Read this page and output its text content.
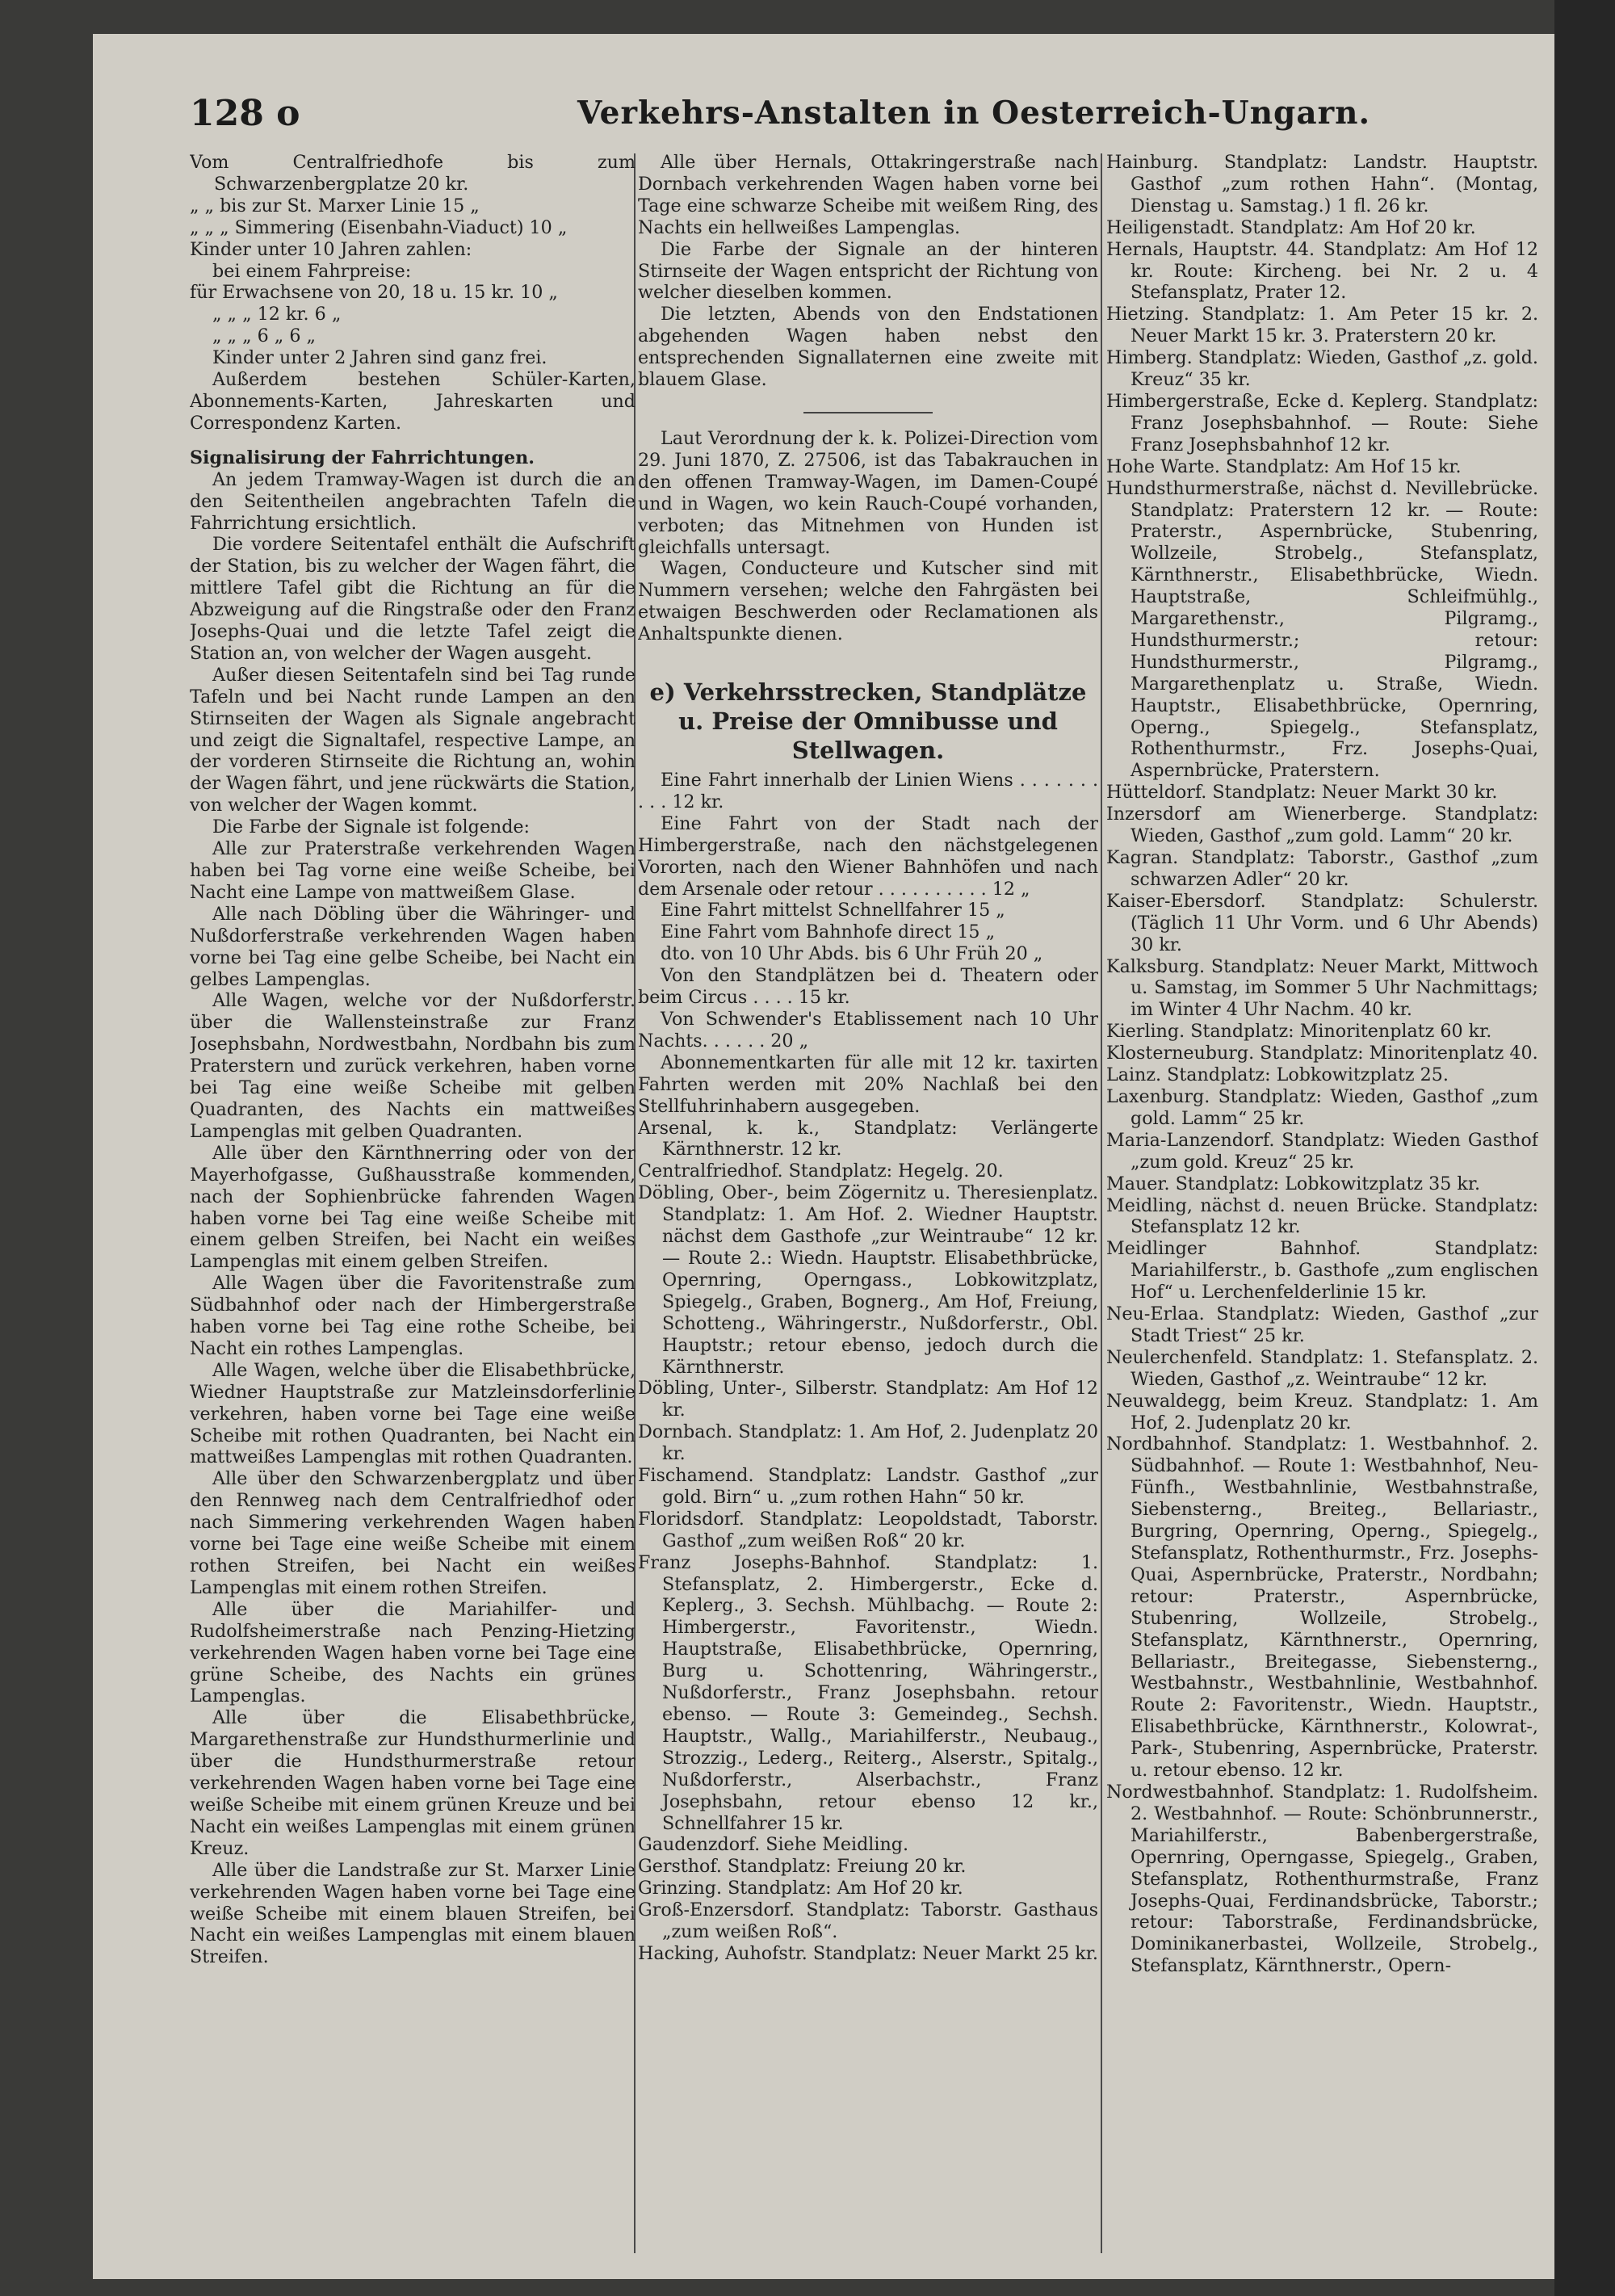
128 o	Verkehrs-Anstalten in Oesterreich-Ungarn.

Vom Centralfriedhofe bis zum Schwarzenbergplatze 20 kr.

„ „ bis zur St. Marxer Linie 15 „

„ „ „ Simmering (Eisenbahn-Viaduct) 10 „

Kinder unter 10 Jahren zahlen:

bei einem Fahrpreise:

für Erwachsene von 20, 18 u. 15 kr. 10 „

„ „ „ 12 kr. 6 „

„ „ „ 6 „ 6 „

Kinder unter 2 Jahren sind ganz frei.

Außerdem bestehen Schüler-Karten, Abonnements-Karten, Jahreskarten und Correspondenz Karten.

Signalisirung der Fahrrichtungen.

An jedem Tramway-Wagen ist durch die an den Seitentheilen angebrachten Tafeln die Fahrrichtung ersichtlich.

Die vordere Seitentafel enthält die Aufschrift der Station, bis zu welcher der Wagen fährt, die mittlere Tafel gibt die Richtung an für die Abzweigung auf die Ringstraße oder den Franz Josephs-Quai und die letzte Tafel zeigt die Station an, von welcher der Wagen ausgeht.

Außer diesen Seitentafeln sind bei Tag runde Tafeln und bei Nacht runde Lampen an den Stirnseiten der Wagen als Signale angebracht und zeigt die Signaltafel, respective Lampe, an der vorderen Stirnseite die Richtung an, wohin der Wagen fährt, und jene rückwärts die Station, von welcher der Wagen kommt.

Die Farbe der Signale ist folgende:

Alle zur Praterstraße verkehrenden Wagen haben bei Tag vorne eine weiße Scheibe, bei Nacht eine Lampe von mattweißem Glase.

Alle nach Döbling über die Währinger- und Nußdorferstraße verkehrenden Wagen haben vorne bei Tag eine gelbe Scheibe, bei Nacht ein gelbes Lampenglas.

Alle Wagen, welche vor der Nußdorferstr. über die Wallensteinstraße zur Franz Josephsbahn, Nordwestbahn, Nordbahn bis zum Praterstern und zurück verkehren, haben vorne bei Tag eine weiße Scheibe mit gelben Quadranten, des Nachts ein mattweißes Lampenglas mit gelben Quadranten.

Alle über den Kärnthnerring oder von der Mayerhofgasse, Gußhausstraße kommenden, nach der Sophienbrücke fahrenden Wagen haben vorne bei Tag eine weiße Scheibe mit einem gelben Streifen, bei Nacht ein weißes Lampenglas mit einem gelben Streifen.

Alle Wagen über die Favoritenstraße zum Südbahnhof oder nach der Himbergerstraße haben vorne bei Tag eine rothe Scheibe, bei Nacht ein rothes Lampenglas.

Alle Wagen, welche über die Elisabethbrücke, Wiedner Hauptstraße zur Matzleinsdorferlinie verkehren, haben vorne bei Tage eine weiße Scheibe mit rothen Quadranten, bei Nacht ein mattweißes Lampenglas mit rothen Quadranten.

Alle über den Schwarzenbergplatz und über den Rennweg nach dem Centralfriedhof oder nach Simmering verkehrenden Wagen haben vorne bei Tage eine weiße Scheibe mit einem rothen Streifen, bei Nacht ein weißes Lampenglas mit einem rothen Streifen.

Alle über die Mariahilfer- und Rudolfsheimerstraße nach Penzing-Hietzing verkehrenden Wagen haben vorne bei Tage eine grüne Scheibe, des Nachts ein grünes Lampenglas.

Alle über die Elisabethbrücke, Margarethenstraße zur Hundsthurmerlinie und über die Hundsthurmerstraße retour verkehrenden Wagen haben vorne bei Tage eine weiße Scheibe mit einem grünen Kreuze und bei Nacht ein weißes Lampenglas mit einem grünen Kreuz.

Alle über die Landstraße zur St. Marxer Linie verkehrenden Wagen haben vorne bei Tage eine weiße Scheibe mit einem blauen Streifen, bei Nacht ein weißes Lampenglas mit einem blauen Streifen.

Alle über Hernals, Ottakringerstraße nach Dornbach verkehrenden Wagen haben vorne bei Tage eine schwarze Scheibe mit weißem Ring, des Nachts ein hellweißes Lampenglas.

Die Farbe der Signale an der hinteren Stirnseite der Wagen entspricht der Richtung von welcher dieselben kommen.

Die letzten, Abends von den Endstationen abgehenden Wagen haben nebst den entsprechenden Signallaternen eine zweite mit blauem Glase.

Laut Verordnung der k. k. Polizei-Direction vom 29. Juni 1870, Z. 27506, ist das Tabakrauchen in den offenen Tramway-Wagen, im Damen-Coupé und in Wagen, wo kein Rauch-Coupé vorhanden, verboten; das Mitnehmen von Hunden ist gleichfalls untersagt.

Wagen, Conducteure und Kutscher sind mit Nummern versehen; welche den Fahrgästen bei etwaigen Beschwerden oder Reclamationen als Anhaltspunkte dienen.

e) Verkehrsstrecken, Standplätze u. Preise der Omnibusse und Stellwagen.

Eine Fahrt innerhalb der Linien Wiens . . . . . . . . . . 12 kr.

Eine Fahrt von der Stadt nach der Himbergerstraße, nach den nächstgelegenen Vororten, nach den Wiener Bahnhöfen und nach dem Arsenale oder retour . . . . . . . . . . 12 „

Eine Fahrt mittelst Schnellfahrer 15 „

Eine Fahrt vom Bahnhofe direct 15 „

dto. von 10 Uhr Abds. bis 6 Uhr Früh 20 „

Von den Standplätzen bei d. Theatern oder beim Circus . . . . 15 kr.

Von Schwender's Etablissement nach 10 Uhr Nachts. . . . . . 20 „

Abonnementkarten für alle mit 12 kr. taxirten Fahrten werden mit 20% Nachlaß bei den Stellfuhrinhabern ausgegeben.

Arsenal, k. k., Standplatz: Verlängerte Kärnthnerstr. 12 kr.

Centralfriedhof. Standplatz: Hegelg. 20.

Döbling, Ober-, beim Zögernitz u. Theresienplatz. Standplatz: 1. Am Hof. 2. Wiedner Hauptstr. nächst dem Gasthofe „zur Weintraube“ 12 kr. — Route 2.: Wiedn. Hauptstr. Elisabethbrücke, Opernring, Operngass., Lobkowitzplatz, Spiegelg., Graben, Bognerg., Am Hof, Freiung, Schotteng., Währingerstr., Nußdorferstr., Obl. Hauptstr.; retour ebenso, jedoch durch die Kärnthnerstr.

Döbling, Unter-, Silberstr. Standplatz: Am Hof 12 kr.

Dornbach. Standplatz: 1. Am Hof, 2. Judenplatz 20 kr.

Fischamend. Standplatz: Landstr. Gasthof „zur gold. Birn“ u. „zum rothen Hahn“ 50 kr.

Floridsdorf. Standplatz: Leopoldstadt, Taborstr. Gasthof „zum weißen Roß“ 20 kr.

Franz Josephs-Bahnhof. Standplatz: 1. Stefansplatz, 2. Himbergerstr., Ecke d. Keplerg., 3. Sechsh. Mühlbachg. — Route 2: Himbergerstr., Favoritenstr., Wiedn. Hauptstraße, Elisabethbrücke, Opernring, Burg u. Schottenring, Währingerstr., Nußdorferstr., Franz Josephsbahn. retour ebenso. — Route 3: Gemeindeg., Sechsh. Hauptstr., Wallg., Mariahilferstr., Neubaug., Strozzig., Lederg., Reiterg., Alserstr., Spitalg., Nußdorferstr., Alserbachstr., Franz Josephsbahn, retour ebenso 12 kr., Schnellfahrer 15 kr.

Gaudenzdorf. Siehe Meidling.

Gersthof. Standplatz: Freiung 20 kr.

Grinzing. Standplatz: Am Hof 20 kr.

Groß-Enzersdorf. Standplatz: Taborstr. Gasthaus „zum weißen Roß“.

Hacking, Auhofstr. Standplatz: Neuer Markt 25 kr.

Hainburg. Standplatz: Landstr. Hauptstr. Gasthof „zum rothen Hahn“. (Montag, Dienstag u. Samstag.) 1 fl. 26 kr.

Heiligenstadt. Standplatz: Am Hof 20 kr.

Hernals, Hauptstr. 44. Standplatz: Am Hof 12 kr. Route: Kircheng. bei Nr. 2 u. 4 Stefansplatz, Prater 12.

Hietzing. Standplatz: 1. Am Peter 15 kr. 2. Neuer Markt 15 kr. 3. Praterstern 20 kr.

Himberg. Standplatz: Wieden, Gasthof „z. gold. Kreuz“ 35 kr.

Himbergerstraße, Ecke d. Keplerg. Standplatz: Franz Josephsbahnhof. — Route: Siehe Franz Josephsbahnhof 12 kr.

Hohe Warte. Standplatz: Am Hof 15 kr.

Hundsthurmerstraße, nächst d. Nevillebrücke. Standplatz: Praterstern 12 kr. — Route: Praterstr., Aspernbrücke, Stubenring, Wollzeile, Strobelg., Stefansplatz, Kärnthnerstr., Elisabethbrücke, Wiedn. Hauptstraße, Schleifmühlg., Margarethenstr., Pilgramg., Hundsthurmerstr.; retour: Hundsthurmerstr., Pilgramg., Margarethenplatz u. Straße, Wiedn. Hauptstr., Elisabethbrücke, Opernring, Operng., Spiegelg., Stefansplatz, Rothenthurmstr., Frz. Josephs-Quai, Aspernbrücke, Praterstern.

Hütteldorf. Standplatz: Neuer Markt 30 kr.

Inzersdorf am Wienerberge. Standplatz: Wieden, Gasthof „zum gold. Lamm“ 20 kr.

Kagran. Standplatz: Taborstr., Gasthof „zum schwarzen Adler“ 20 kr.

Kaiser-Ebersdorf. Standplatz: Schulerstr. (Täglich 11 Uhr Vorm. und 6 Uhr Abends) 30 kr.

Kalksburg. Standplatz: Neuer Markt, Mittwoch u. Samstag, im Sommer 5 Uhr Nachmittags; im Winter 4 Uhr Nachm. 40 kr.

Kierling. Standplatz: Minoritenplatz 60 kr.

Klosterneuburg. Standplatz: Minoritenplatz 40.

Lainz. Standplatz: Lobkowitzplatz 25.

Laxenburg. Standplatz: Wieden, Gasthof „zum gold. Lamm“ 25 kr.

Maria-Lanzendorf. Standplatz: Wieden Gasthof „zum gold. Kreuz“ 25 kr.

Mauer. Standplatz: Lobkowitzplatz 35 kr.

Meidling, nächst d. neuen Brücke. Standplatz: Stefansplatz 12 kr.

Meidlinger Bahnhof. Standplatz: Mariahilferstr., b. Gasthofe „zum englischen Hof“ u. Lerchenfelderlinie 15 kr.

Neu-Erlaa. Standplatz: Wieden, Gasthof „zur Stadt Triest“ 25 kr.

Neulerchenfeld. Standplatz: 1. Stefansplatz. 2. Wieden, Gasthof „z. Weintraube“ 12 kr.

Neuwaldegg, beim Kreuz. Standplatz: 1. Am Hof, 2. Judenplatz 20 kr.

Nordbahnhof. Standplatz: 1. Westbahnhof. 2. Südbahnhof. — Route 1: Westbahnhof, Neu-Fünfh., Westbahnlinie, Westbahnstraße, Siebensterng., Breiteg., Bellariastr., Burgring, Opernring, Operng., Spiegelg., Stefansplatz, Rothenthurmstr., Frz. Josephs-Quai, Aspernbrücke, Praterstr., Nordbahn; retour: Praterstr., Aspernbrücke, Stubenring, Wollzeile, Strobelg., Stefansplatz, Kärnthnerstr., Opernring, Bellariastr., Breitegasse, Siebensterng., Westbahnstr., Westbahnlinie, Westbahnhof. Route 2: Favoritenstr., Wiedn. Hauptstr., Elisabethbrücke, Kärnthnerstr., Kolowrat-, Park-, Stubenring, Aspernbrücke, Praterstr. u. retour ebenso. 12 kr.

Nordwestbahnhof. Standplatz: 1. Rudolfsheim. 2. Westbahnhof. — Route: Schönbrunnerstr., Mariahilferstr., Babenbergerstraße, Opernring, Operngasse, Spiegelg., Graben, Stefansplatz, Rothenthurmstraße, Franz Josephs-Quai, Ferdinandsbrücke, Taborstr.; retour: Taborstraße, Ferdinandsbrücke, Dominikanerbastei, Wollzeile, Strobelg., Stefansplatz, Kärnthnerstr., Opern-
